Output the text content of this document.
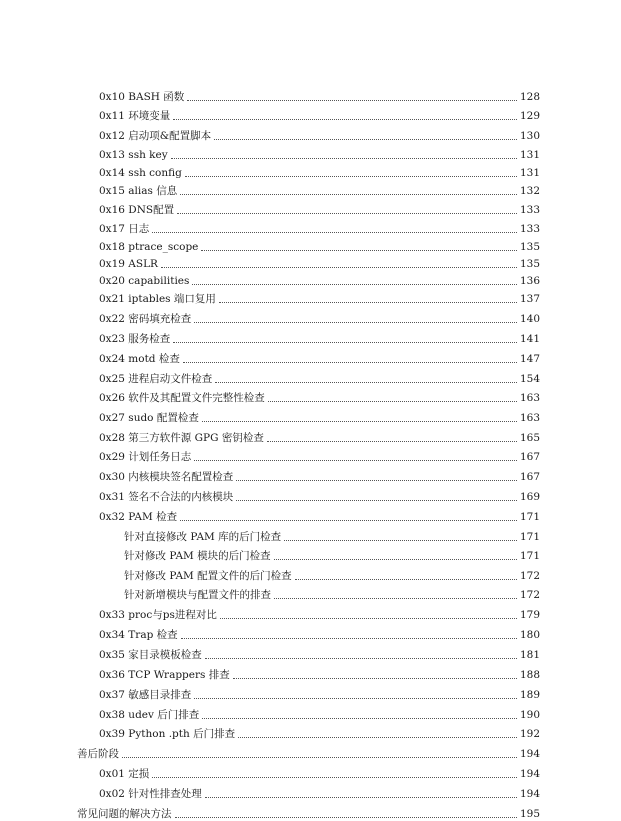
0x10 BASH 函数	128
0x11 环境变量	129
0x12 启动项&配置脚本	130
0x13 ssh key	131
0x14 ssh config	131
0x15 alias 信息	132
0x16 DNS配置	133
0x17 日志	133
0x18 ptrace_scope	135
0x19 ASLR	135
0x20 capabilities	136
0x21 iptables 端口复用	137
0x22 密码填充检查	140
0x23 服务检查	141
0x24 motd 检查	147
0x25 进程启动文件检查	154
0x26 软件及其配置文件完整性检查	163
0x27 sudo 配置检查	163
0x28 第三方软件源 GPG 密钥检查	165
0x29 计划任务日志	167
0x30 内核模块签名配置检查	167
0x31 签名不合法的内核模块	169
0x32 PAM 检查	171
针对直接修改 PAM 库的后门检查	171
针对修改 PAM 模块的后门检查	171
针对修改 PAM 配置文件的后门检查	172
针对新增模块与配置文件的排查	172
0x33 proc与ps进程对比	179
0x34 Trap 检查	180
0x35 家目录模板检查	181
0x36 TCP Wrappers 排查	188
0x37 敏感目录排查	189
0x38 udev 后门排查	190
0x39 Python .pth 后门排查	192
善后阶段	194
0x01 定损	194
0x02 针对性排查处理	194
常见问题的解决方法	195
